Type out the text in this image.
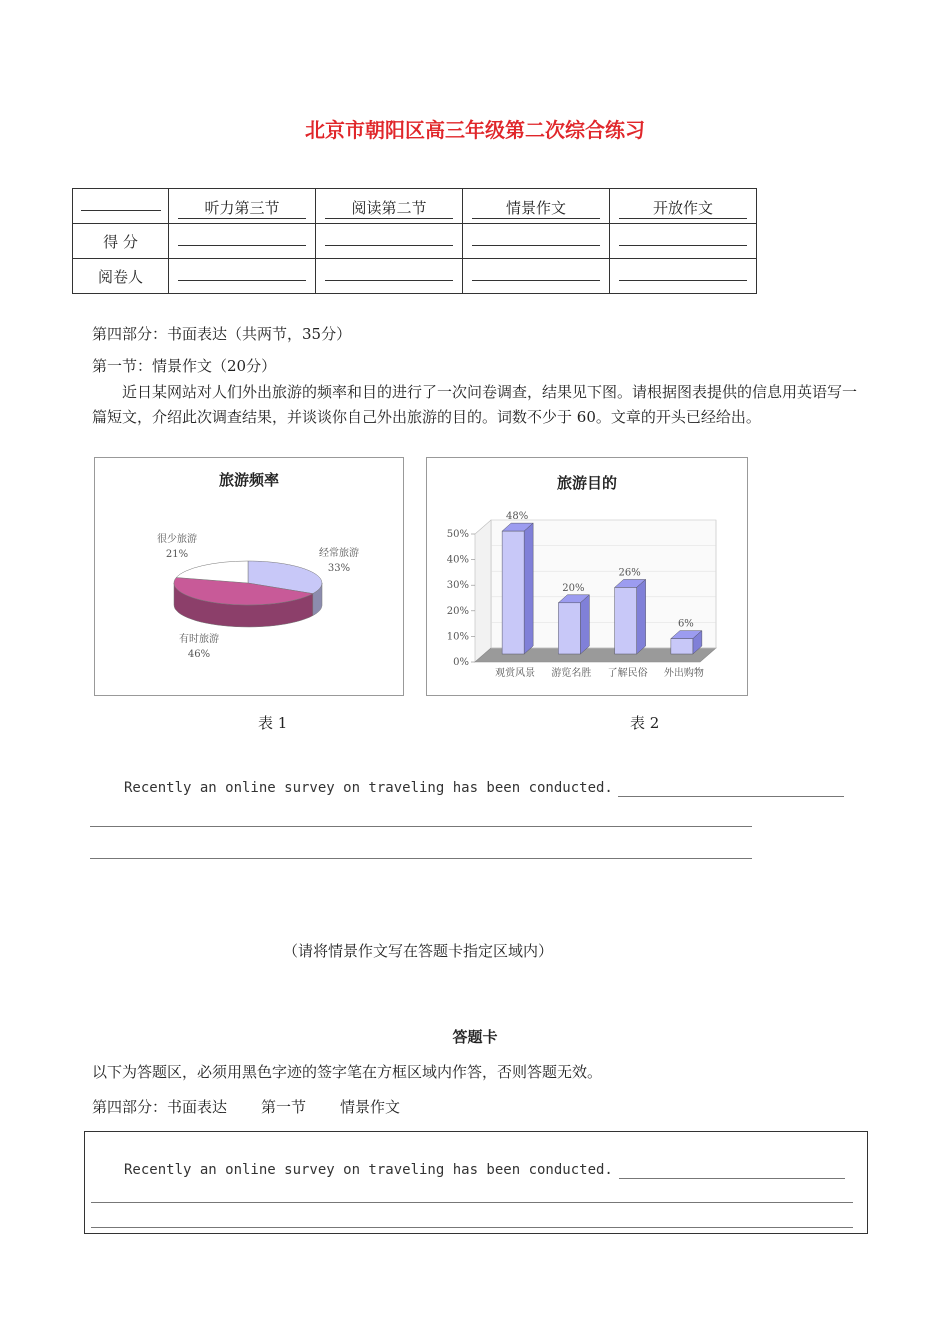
北京市朝阳区高三年级第二次综合练习
	听力第三节	阅读第二节	情景作文	开放作文
得 分				
阅卷人				
第四部分：书面表达（共两节，35分）
第一节：情景作文（20分）
近日某网站对人们外出旅游的频率和目的进行了一次问卷调查，结果见下图。请根据图表提供的信息用英语写一篇短文，介绍此次调查结果，并谈谈你自己外出旅游的目的。词数不少于 60。文章的开头已经给出。
旅游频率
经常旅游
33%
有时旅游
46%
很少旅游
21%
旅游目的
0%
10%
20%
30%
40%
50%
48%
观赏风景
20%
游览名胜
26%
了解民俗
6%
外出购物
表 1	表 2
Recently an online survey on traveling has been conducted.
（请将情景作文写在答题卡指定区域内）
答题卡
以下为答题区，必须用黑色字迹的签字笔在方框区域内作答，否则答题无效。
第四部分：书面表达 第一节 情景作文
Recently an online survey on traveling has been conducted.
